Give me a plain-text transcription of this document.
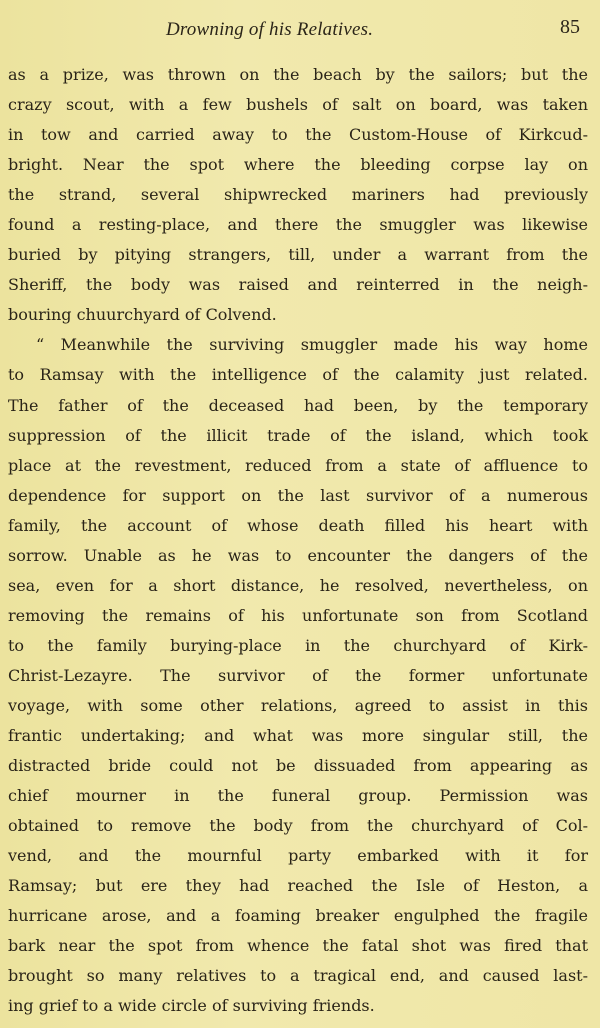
Drowning of his Relatives.	85
as a prize, was thrown on the beach by the sailors; but the
crazy scout, with a few bushels of salt on board, was taken
in tow and carried away to the Custom-House of Kirkcud-
bright. Near the spot where the bleeding corpse lay on
the strand, several shipwrecked mariners had previously
found a resting-place, and there the smuggler was likewise
buried by pitying strangers, till, under a warrant from the
Sheriff, the body was raised and reinterred in the neigh-
bouring chuurchyard of Colvend.
“ Meanwhile the surviving smuggler made his way home
to Ramsay with the intelligence of the calamity just related.
The father of the deceased had been, by the temporary
suppression of the illicit trade of the island, which took
place at the revestment, reduced from a state of affluence to
dependence for support on the last survivor of a numerous
family, the account of whose death filled his heart with
sorrow. Unable as he was to encounter the dangers of the
sea, even for a short distance, he resolved, nevertheless, on
removing the remains of his unfortunate son from Scotland
to the family burying-place in the churchyard of Kirk-
Christ-Lezayre. The survivor of the former unfortunate
voyage, with some other relations, agreed to assist in this
frantic undertaking; and what was more singular still, the
distracted bride could not be dissuaded from appearing as
chief mourner in the funeral group. Permission was
obtained to remove the body from the churchyard of Col-
vend, and the mournful party embarked with it for
Ramsay; but ere they had reached the Isle of Heston, a
hurricane arose, and a foaming breaker engulphed the fragile
bark near the spot from whence the fatal shot was fired that
brought so many relatives to a tragical end, and caused last-
ing grief to a wide circle of surviving friends.
